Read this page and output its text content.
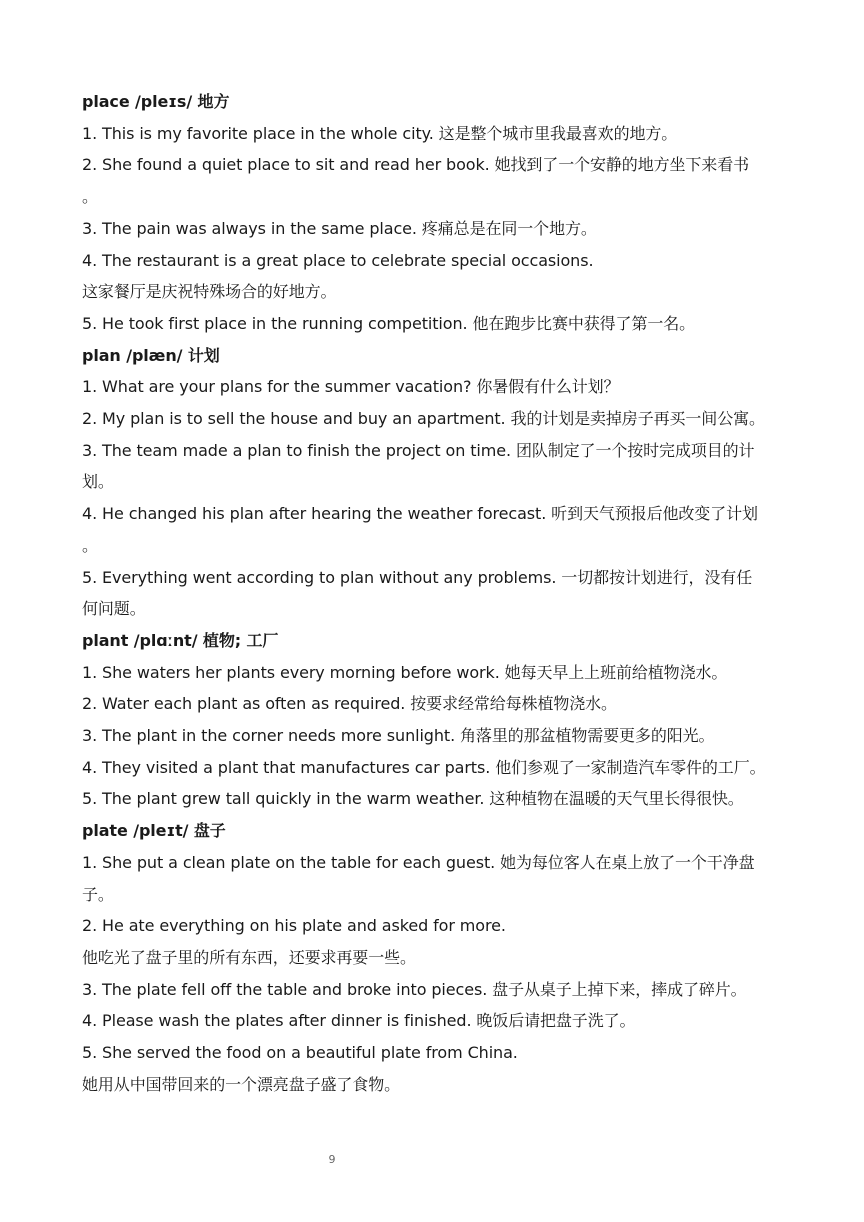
place /pleɪs/ 地方
1. This is my favorite place in the whole city. 这是整个城市里我最喜欢的地方。
2. She found a quiet place to sit and read her book. 她找到了一个安静的地方坐下来看书
。
3. The pain was always in the same place. 疼痛总是在同一个地方。
4. The restaurant is a great place to celebrate special occasions.
这家餐厅是庆祝特殊场合的好地方。
5. He took first place in the running competition. 他在跑步比赛中获得了第一名。
plan /plæn/ 计划
1. What are your plans for the summer vacation? 你暑假有什么计划？
2. My plan is to sell the house and buy an apartment. 我的计划是卖掉房子再买一间公寓。
3. The team made a plan to finish the project on time. 团队制定了一个按时完成项目的计
划。
4. He changed his plan after hearing the weather forecast. 听到天气预报后他改变了计划
。
5. Everything went according to plan without any problems. 一切都按计划进行，没有任
何问题。
plant /plɑːnt/ 植物; 工厂
1. She waters her plants every morning before work. 她每天早上上班前给植物浇水。
2. Water each plant as often as required. 按要求经常给每株植物浇水。
3. The plant in the corner needs more sunlight. 角落里的那盆植物需要更多的阳光。
4. They visited a plant that manufactures car parts. 他们参观了一家制造汽车零件的工厂。
5. The plant grew tall quickly in the warm weather. 这种植物在温暖的天气里长得很快。
plate /pleɪt/ 盘子
1. She put a clean plate on the table for each guest. 她为每位客人在桌上放了一个干净盘
子。
2. He ate everything on his plate and asked for more.
他吃光了盘子里的所有东西，还要求再要一些。
3. The plate fell off the table and broke into pieces. 盘子从桌子上掉下来，摔成了碎片。
4. Please wash the plates after dinner is finished. 晚饭后请把盘子洗了。
5. She served the food on a beautiful plate from China.
她用从中国带回来的一个漂亮盘子盛了食物。
9
